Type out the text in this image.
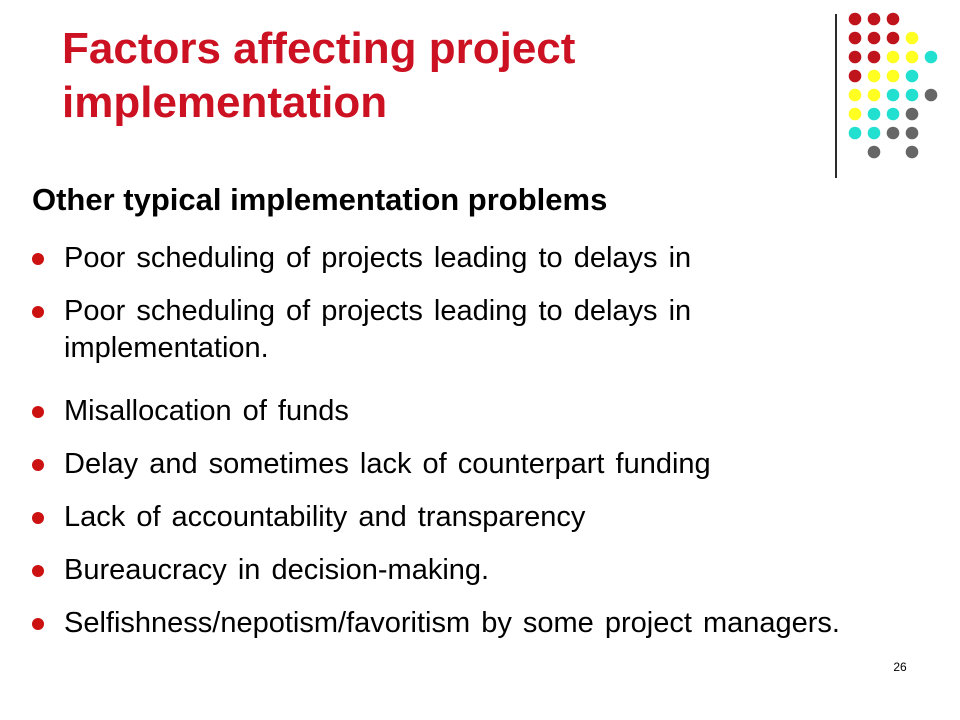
Factors affecting project implementation
Other typical implementation problems
Poor scheduling of projects leading to delays in
Poor scheduling of projects leading to delays in implementation.
Misallocation of funds
Delay and sometimes lack of counterpart funding
Lack of accountability and transparency
Bureaucracy in decision-making.
Selfishness/nepotism/favoritism by some project managers.
26
